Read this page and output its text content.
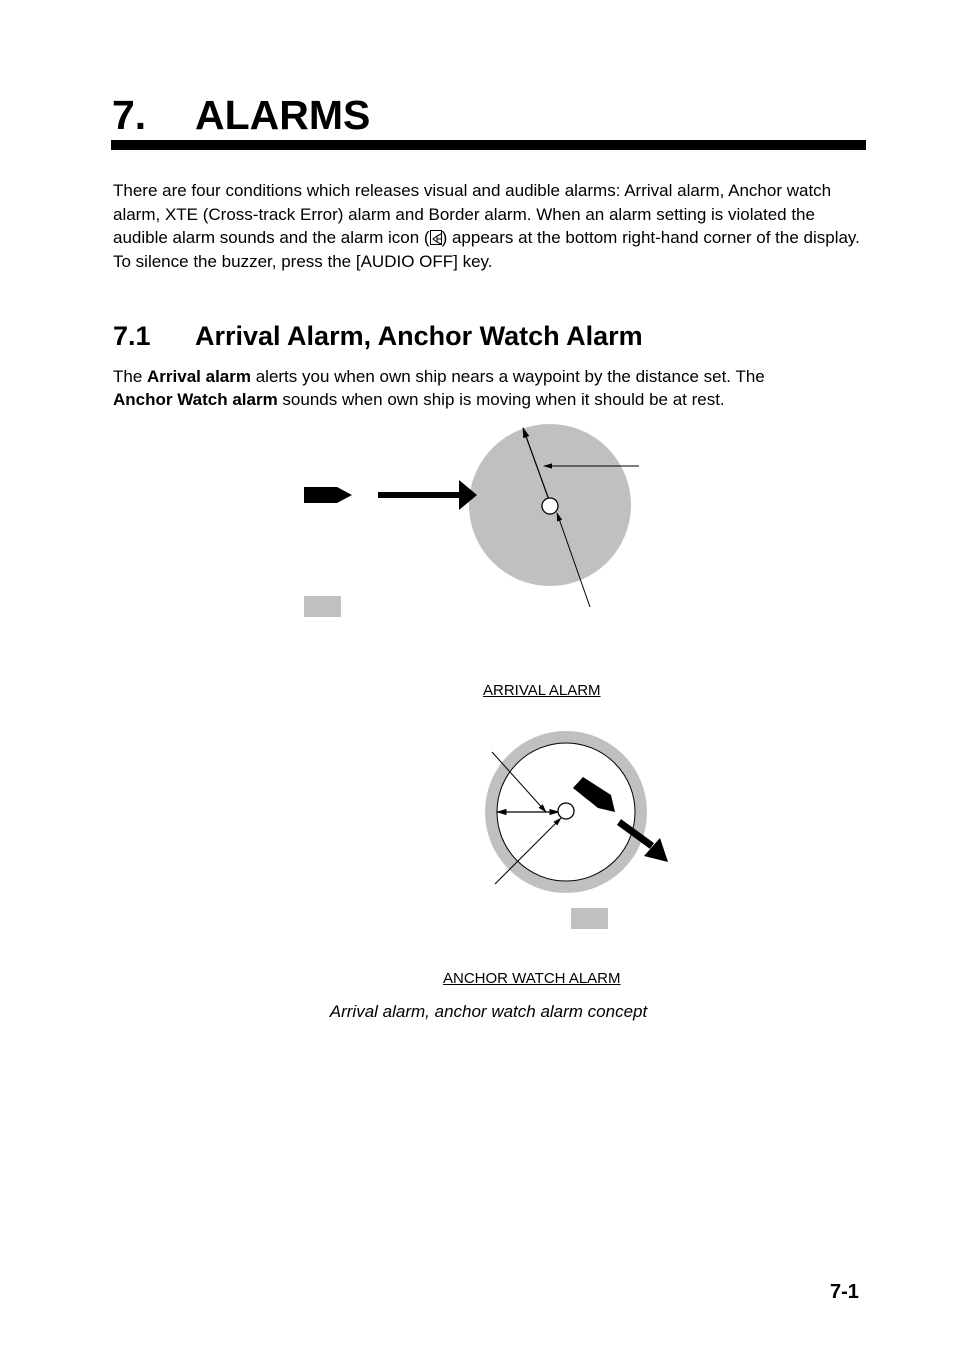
7. ALARMS

There are four conditions which releases visual and audible alarms: Arrival alarm, Anchor watch alarm, XTE (Cross-track Error) alarm and Border alarm. When an alarm setting is violated the audible alarm sounds and the alarm icon ( ) appears at the bottom right-hand corner of the display. To silence the buzzer, press the [AUDIO OFF] key.

7.1 Arrival Alarm, Anchor Watch Alarm

The Arrival alarm alerts you when own ship nears a waypoint by the distance set. The
Anchor Watch alarm sounds when own ship is moving when it should be at rest.

ARRIVAL ALARM
ANCHOR WATCH ALARM
Arrival alarm, anchor watch alarm concept
7-1
